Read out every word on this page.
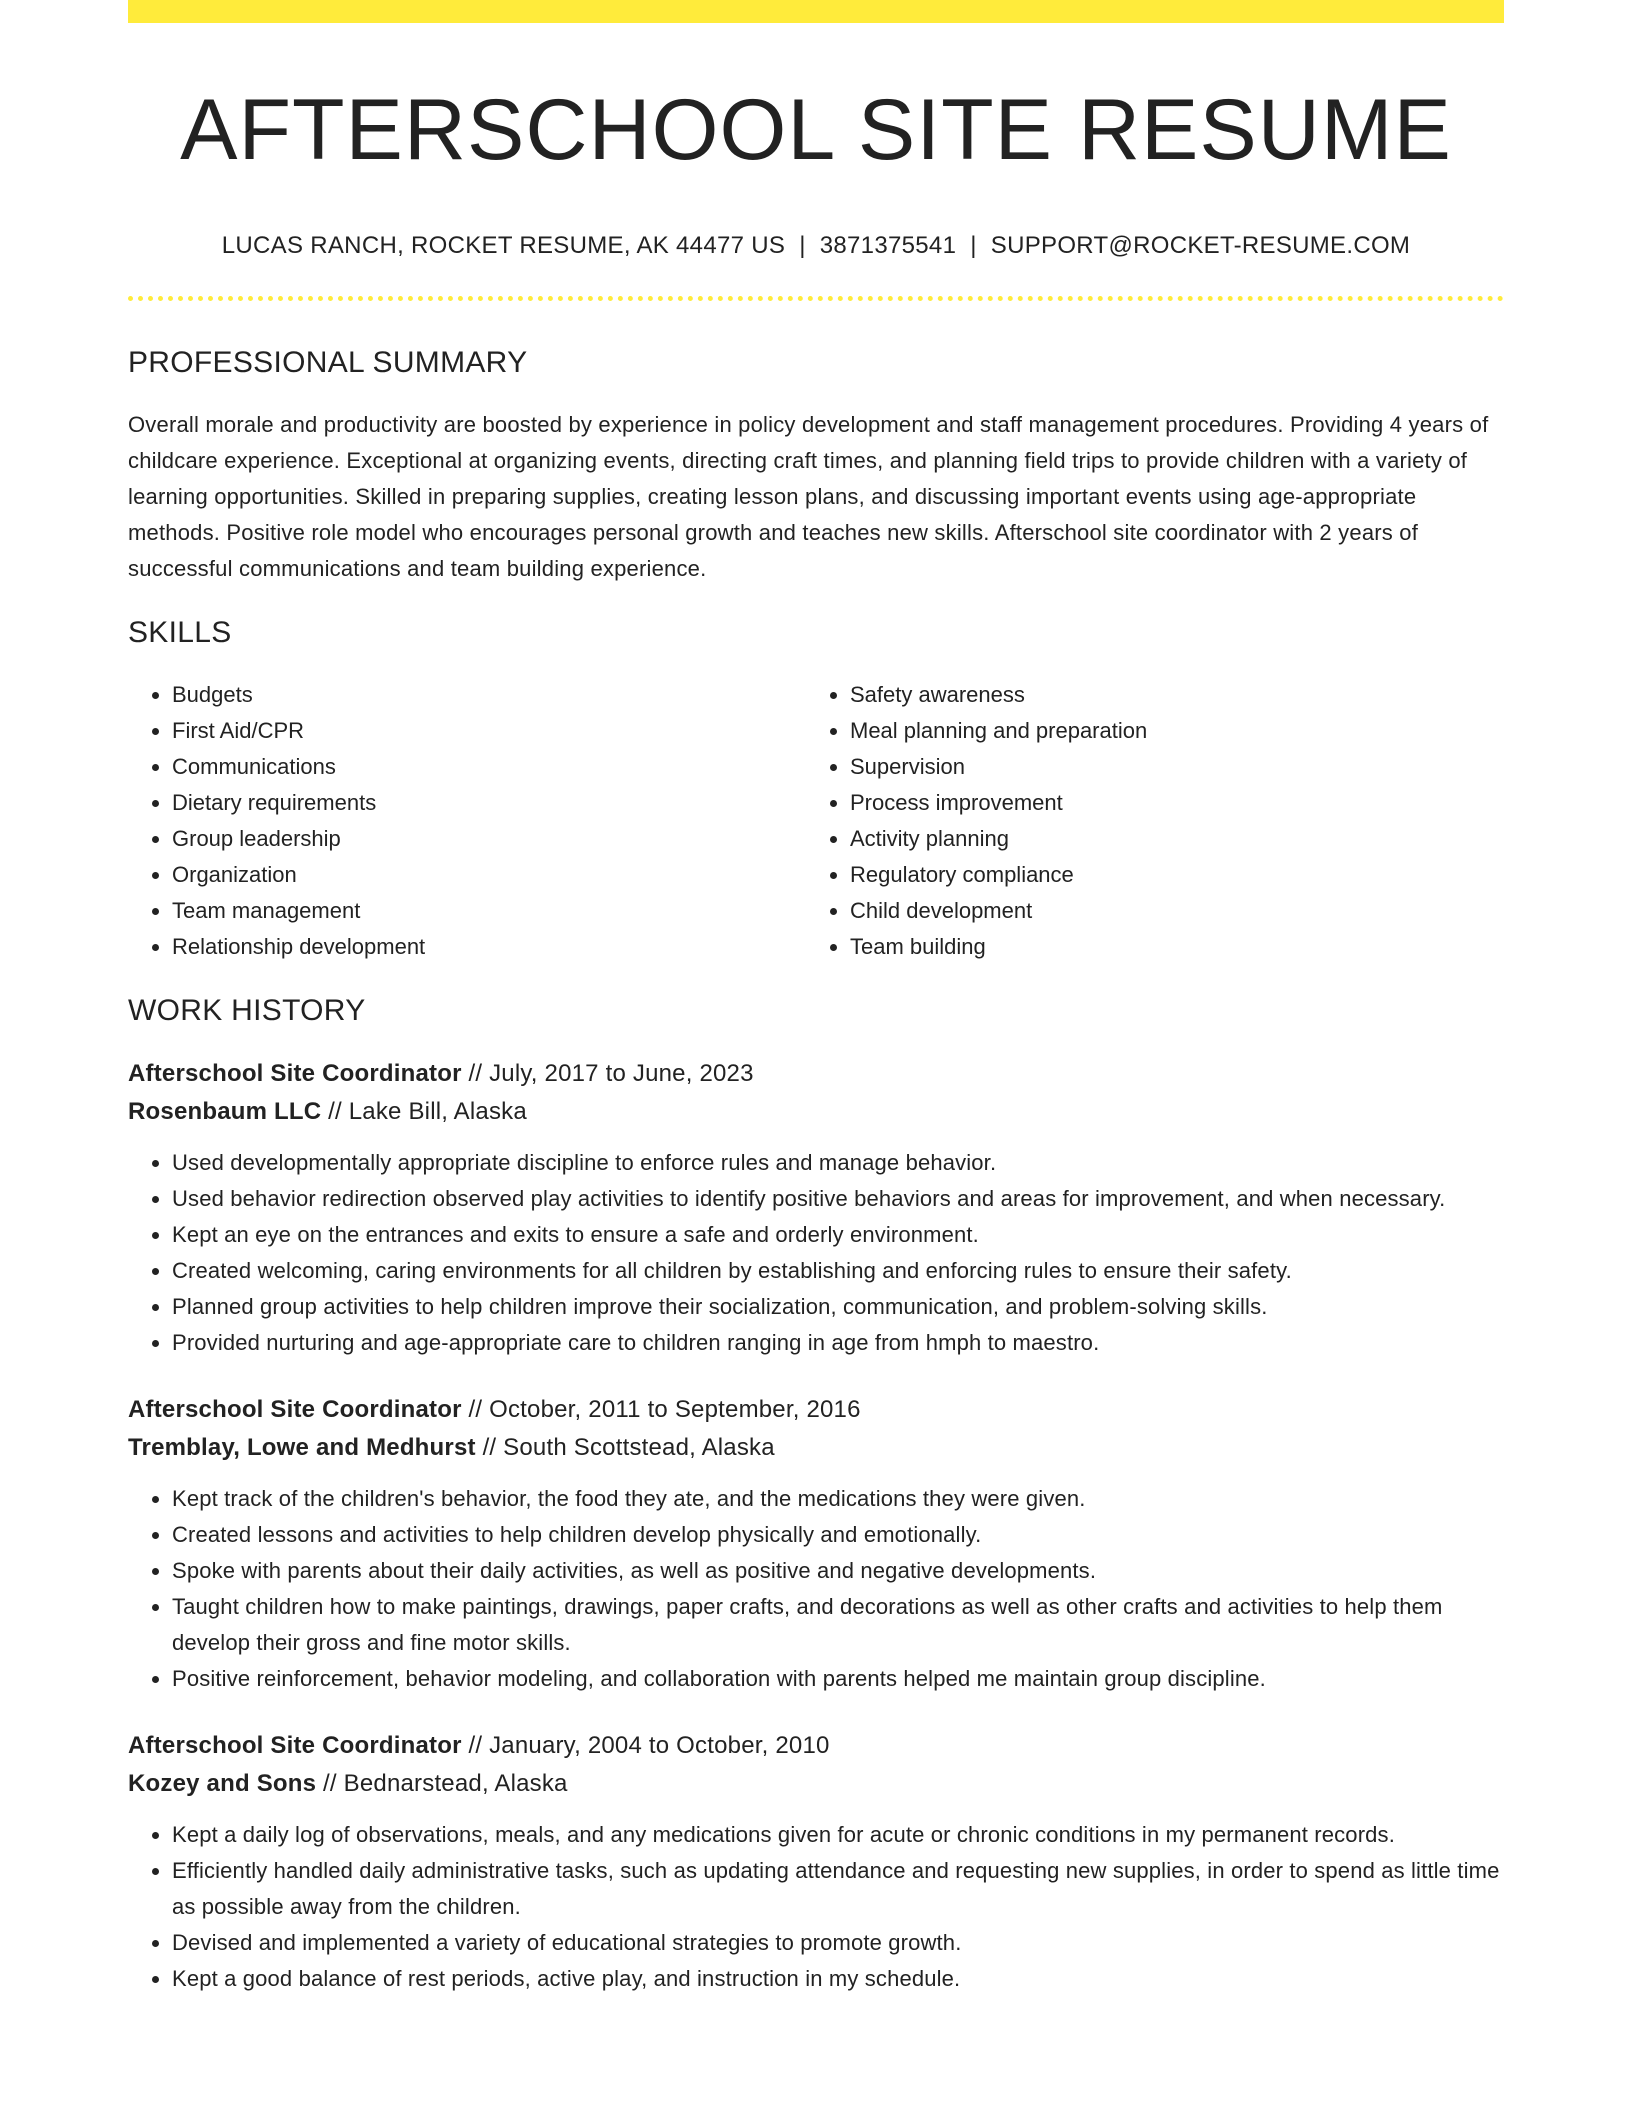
AFTERSCHOOL SITE RESUME
LUCAS RANCH, ROCKET RESUME, AK 44477 US | 3871375541 | SUPPORT@ROCKET-RESUME.COM
PROFESSIONAL SUMMARY

Overall morale and productivity are boosted by experience in policy development and staff management procedures. Providing 4 years of childcare experience. Exceptional at organizing events, directing craft times, and planning field trips to provide children with a variety of learning opportunities. Skilled in preparing supplies, creating lesson plans, and discussing important events using age-appropriate methods. Positive role model who encourages personal growth and teaches new skills. Afterschool site coordinator with 2 years of successful communications and team building experience.

SKILLS
• Budgets
• First Aid/CPR
• Communications
• Dietary requirements
• Group leadership
• Organization
• Team management
• Relationship development
• Safety awareness
• Meal planning and preparation
• Supervision
• Process improvement
• Activity planning
• Regulatory compliance
• Child development
• Team building
WORK HISTORY
Afterschool Site Coordinator // July, 2017 to June, 2023
Rosenbaum LLC // Lake Bill, Alaska
• Used developmentally appropriate discipline to enforce rules and manage behavior.
• Used behavior redirection observed play activities to identify positive behaviors and areas for improvement, and when necessary.
• Kept an eye on the entrances and exits to ensure a safe and orderly environment.
• Created welcoming, caring environments for all children by establishing and enforcing rules to ensure their safety.
• Planned group activities to help children improve their socialization, communication, and problem-solving skills.
• Provided nurturing and age-appropriate care to children ranging in age from hmph to maestro.
Afterschool Site Coordinator // October, 2011 to September, 2016
Tremblay, Lowe and Medhurst // South Scottstead, Alaska
• Kept track of the children's behavior, the food they ate, and the medications they were given.
• Created lessons and activities to help children develop physically and emotionally.
• Spoke with parents about their daily activities, as well as positive and negative developments.
• Taught children how to make paintings, drawings, paper crafts, and decorations as well as other crafts and activities to help them develop their gross and fine motor skills.
• Positive reinforcement, behavior modeling, and collaboration with parents helped me maintain group discipline.
Afterschool Site Coordinator // January, 2004 to October, 2010
Kozey and Sons // Bednarstead, Alaska
• Kept a daily log of observations, meals, and any medications given for acute or chronic conditions in my permanent records.
• Efficiently handled daily administrative tasks, such as updating attendance and requesting new supplies, in order to spend as little time as possible away from the children.
• Devised and implemented a variety of educational strategies to promote growth.
• Kept a good balance of rest periods, active play, and instruction in my schedule.
